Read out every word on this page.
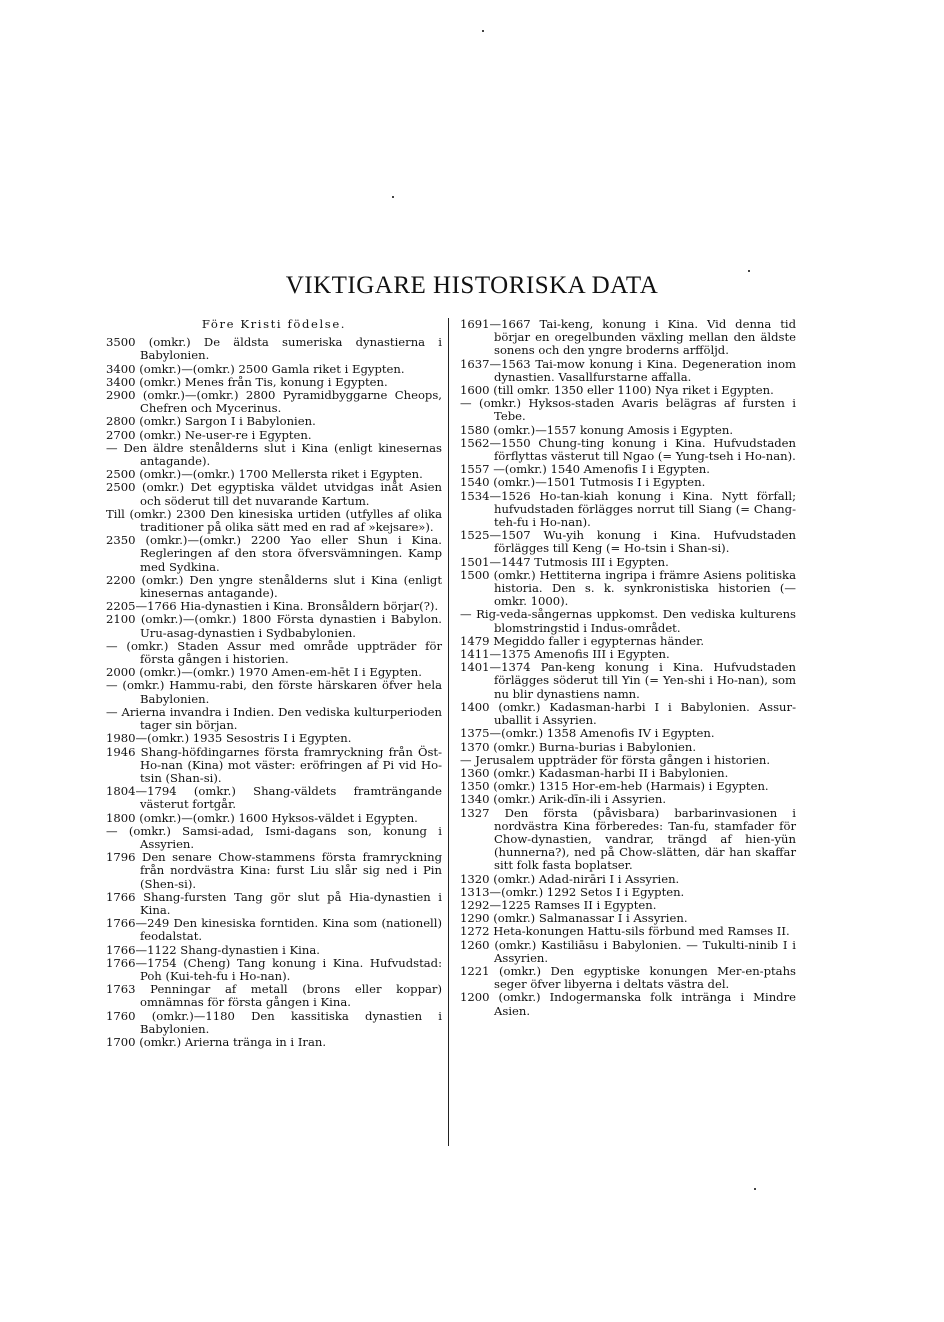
VIKTIGARE HISTORISKA DATA

Före Kristi födelse.

3500 (omkr.) De äldsta sumeriska dynastierna i Babylonien.

3400 (omkr.)—(omkr.) 2500 Gamla riket i Egypten.

3400 (omkr.) Menes från Tis, konung i Egypten.

2900 (omkr.)—(omkr.) 2800 Pyramidbyggarne Cheops, Chefren och Mycerinus.

2800 (omkr.) Sargon I i Babylonien.

2700 (omkr.) Ne-user-re i Egypten.

— Den äldre stenålderns slut i Kina (enligt kinesernas antagande).

2500 (omkr.)—(omkr.) 1700 Mellersta riket i Egypten.

2500 (omkr.) Det egyptiska väldet utvidgas inåt Asien och söderut till det nuvarande Kartum.

Till (omkr.) 2300 Den kinesiska urtiden (utfylles af olika traditioner på olika sätt med en rad af »kejsare»).

2350 (omkr.)—(omkr.) 2200 Yao eller Shun i Kina. Regleringen af den stora öfversvämningen. Kamp med Sydkina.

2200 (omkr.) Den yngre stenålderns slut i Kina (enligt kinesernas antagande).

2205—1766 Hia-dynastien i Kina. Bronsåldern börjar(?).

2100 (omkr.)—(omkr.) 1800 Första dynastien i Babylon. Uru-asag-dynastien i Sydbabylonien.

— (omkr.) Staden Assur med område uppträder för första gången i historien.

2000 (omkr.)—(omkr.) 1970 Amen-em-hēt I i Egypten.

— (omkr.) Hammu-rabi, den förste härskaren öfver hela Babylonien.

— Arierna invandra i Indien. Den vediska kulturperioden tager sin början.

1980—(omkr.) 1935 Sesostris I i Egypten.

1946 Shang-höfdingarnes första framryckning från Öst-Ho-nan (Kina) mot väster: eröfringen af Pi vid Ho-tsin (Shan-si).

1804—1794 (omkr.) Shang-väldets framträngande västerut fortgår.

1800 (omkr.)—(omkr.) 1600 Hyksos-väldet i Egypten.

— (omkr.) Samsi-adad, Ismi-dagans son, konung i Assyrien.

1796 Den senare Chow-stammens första framryckning från nordvästra Kina: furst Liu slår sig ned i Pin (Shen-si).

1766 Shang-fursten Tang gör slut på Hia-dynastien i Kina.

1766—249 Den kinesiska forntiden. Kina som (nationell) feodalstat.

1766—1122 Shang-dynastien i Kina.

1766—1754 (Cheng) Tang konung i Kina. Hufvudstad: Poh (Kui-teh-fu i Ho-nan).

1763 Penningar af metall (brons eller koppar) omnämnas för första gången i Kina.

1760 (omkr.)—1180 Den kassitiska dynastien i Babylonien.

1700 (omkr.) Arierna tränga in i Iran.

1691—1667 Tai-keng, konung i Kina. Vid denna tid börjar en oregelbunden växling mellan den äldste sonens och den yngre broderns arffölјd.

1637—1563 Tai-mow konung i Kina. Degeneration inom dynastien. Vasallfurstarne affalla.

1600 (till omkr. 1350 eller 1100) Nya riket i Egypten.

— (omkr.) Hyksos-staden Avaris belägras af fursten i Tebe.

1580 (omkr.)—1557 konung Amosis i Egypten.

1562—1550 Chung-ting konung i Kina. Hufvudstaden förflyttas västerut till Ngao (= Yung-tseh i Ho-nan).

1557 —(omkr.) 1540 Amenofis I i Egypten.

1540 (omkr.)—1501 Tutmosis I i Egypten.

1534—1526 Ho-tan-kiah konung i Kina. Nytt förfall; hufvudstaden förlägges norrut till Siang (= Chang-teh-fu i Ho-nan).

1525—1507 Wu-yih konung i Kina. Hufvudstaden förlägges till Keng (= Ho-tsin i Shan-si).

1501—1447 Tutmosis III i Egypten.

1500 (omkr.) Hettiterna ingripa i främre Asiens politiska historia. Den s. k. synkronistiska historien (— omkr. 1000).

— Rig-veda-sångernas uppkomst. Den vediska kulturens blomstringstid i Indus-området.

1479 Megiddo faller i egypternas händer.

1411—1375 Amenofis III i Egypten.

1401—1374 Pan-keng konung i Kina. Hufvudstaden förlägges söderut till Yin (= Yen-shi i Ho-nan), som nu blir dynastiens namn.

1400 (omkr.) Kadasman-harbi I i Babylonien. Assur-uballit i Assyrien.

1375—(omkr.) 1358 Amenofis IV i Egypten.

1370 (omkr.) Burna-burias i Babylonien.

— Jerusalem uppträder för första gången i historien.

1360 (omkr.) Kadasman-harbi II i Babylonien.

1350 (omkr.) 1315 Hor-em-heb (Harmais) i Egypten.

1340 (omkr.) Arik-dīn-ili i Assyrien.

1327 Den första (påvisbara) barbarinvasionen i nordvästra Kina förberedes: Tan-fu, stamfader för Chow-dynastien, vandrar, trängd af hien-yün (hunnerna?), ned på Chow-slätten, där han skaffar sitt folk fasta boplatser.

1320 (omkr.) Adad-nirāri I i Assyrien.

1313—(omkr.) 1292 Setos I i Egypten.

1292—1225 Ramses II i Egypten.

1290 (omkr.) Salmanassar I i Assyrien.

1272 Heta-konungen Hattu-sils förbund med Ramses II.

1260 (omkr.) Kastiliāsu i Babylonien. — Tukulti-ninib I i Assyrien.

1221 (omkr.) Den egyptiske konungen Mer-en-ptahs seger öfver libyerna i deltats västra del.

1200 (omkr.) Indogermanska folk intränga i Mindre Asien.
